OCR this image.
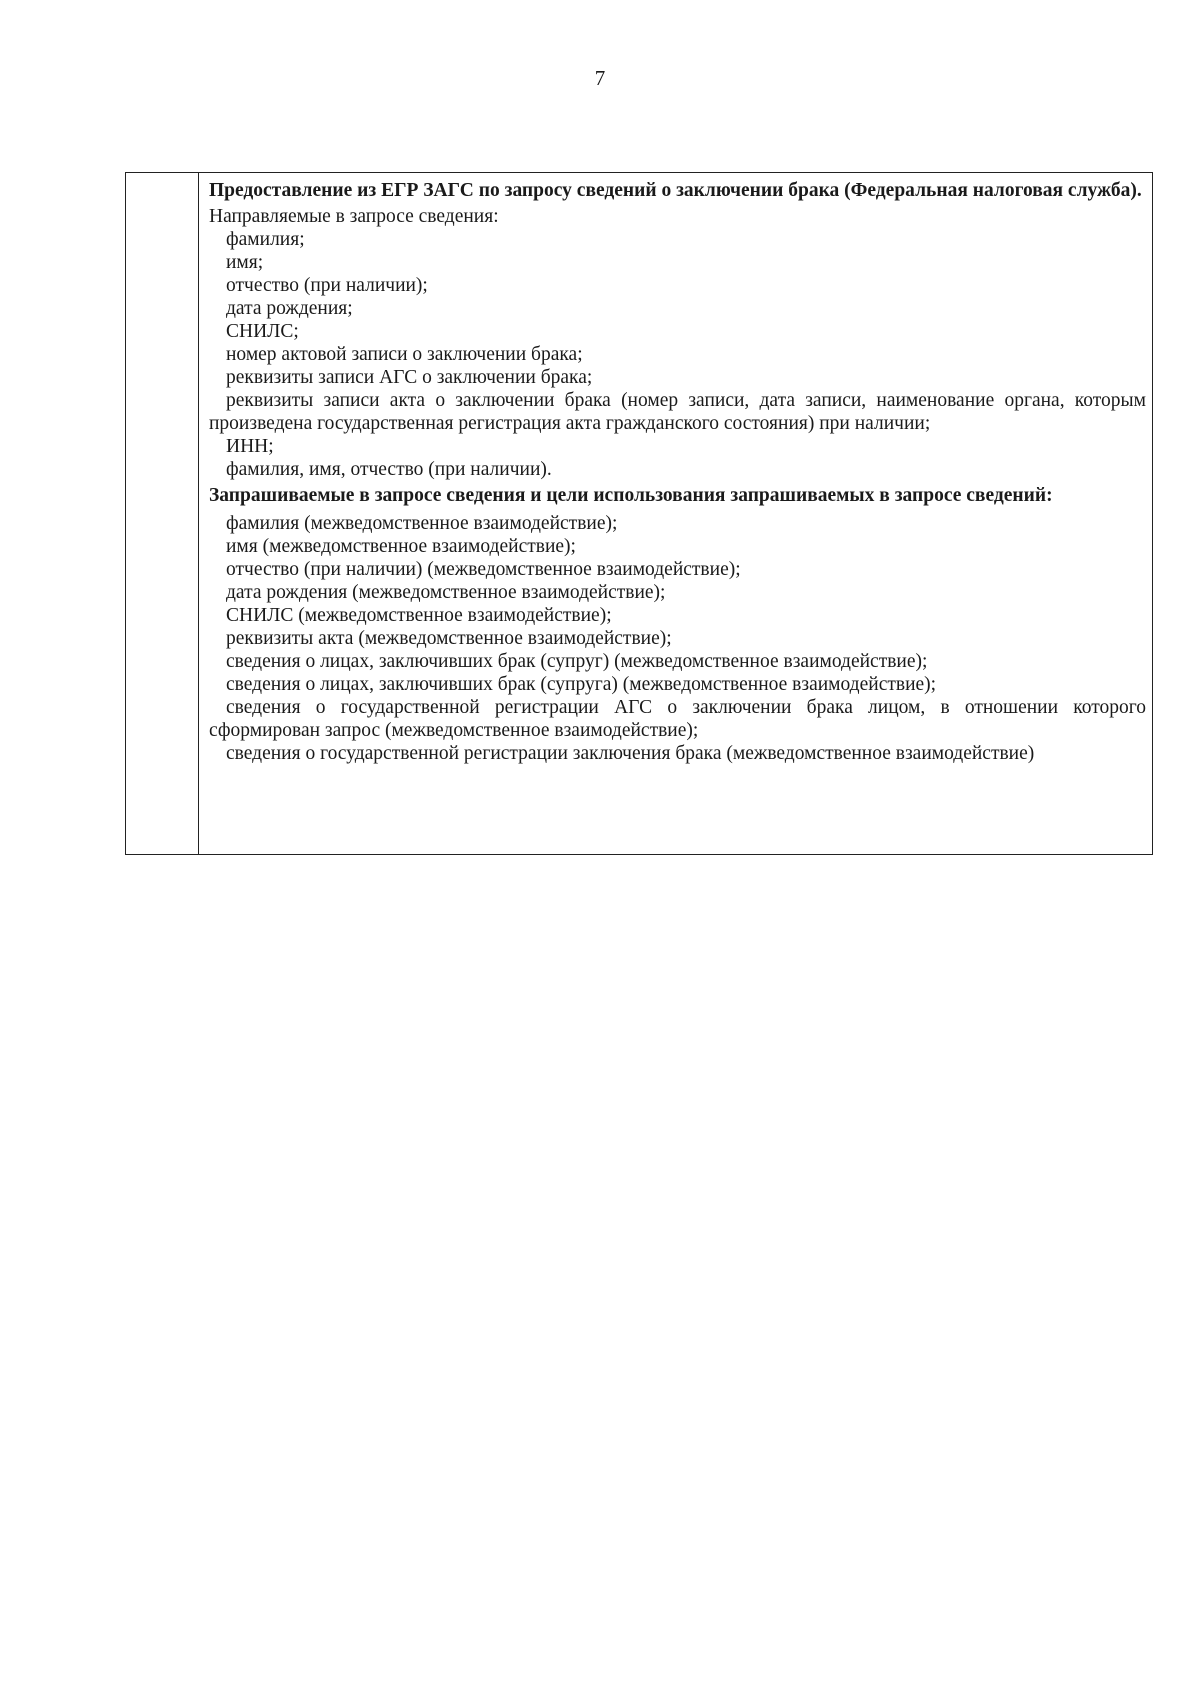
7

Предоставление из ЕГР ЗАГС по запросу сведений о заключении брака (Федеральная налоговая служба).

Направляемые в запросе сведения:

фамилия;

имя;

отчество (при наличии);

дата рождения;

СНИЛС;

номер актовой записи о заключении брака;

реквизиты записи АГС о заключении брака;

реквизиты записи акта о заключении брака (номер записи, дата записи, наименование органа, которым произведена государственная регистрация акта гражданского состояния) при наличии;

ИНН;

фамилия, имя, отчество (при наличии).

Запрашиваемые в запросе сведения и цели использования запрашиваемых в запросе сведений:

фамилия (межведомственное взаимодействие);

имя (межведомственное взаимодействие);

отчество (при наличии) (межведомственное взаимодействие);

дата рождения (межведомственное взаимодействие);

СНИЛС (межведомственное взаимодействие);

реквизиты акта (межведомственное взаимодействие);

сведения о лицах, заключивших брак (супруг) (межведомственное взаимодействие);

сведения о лицах, заключивших брак (супруга) (межведомственное взаимодействие);

сведения о государственной регистрации АГС о заключении брака лицом, в отношении которого сформирован запрос (межведомственное взаимодействие);

сведения о государственной регистрации заключения брака (межведомственное взаимодействие)
